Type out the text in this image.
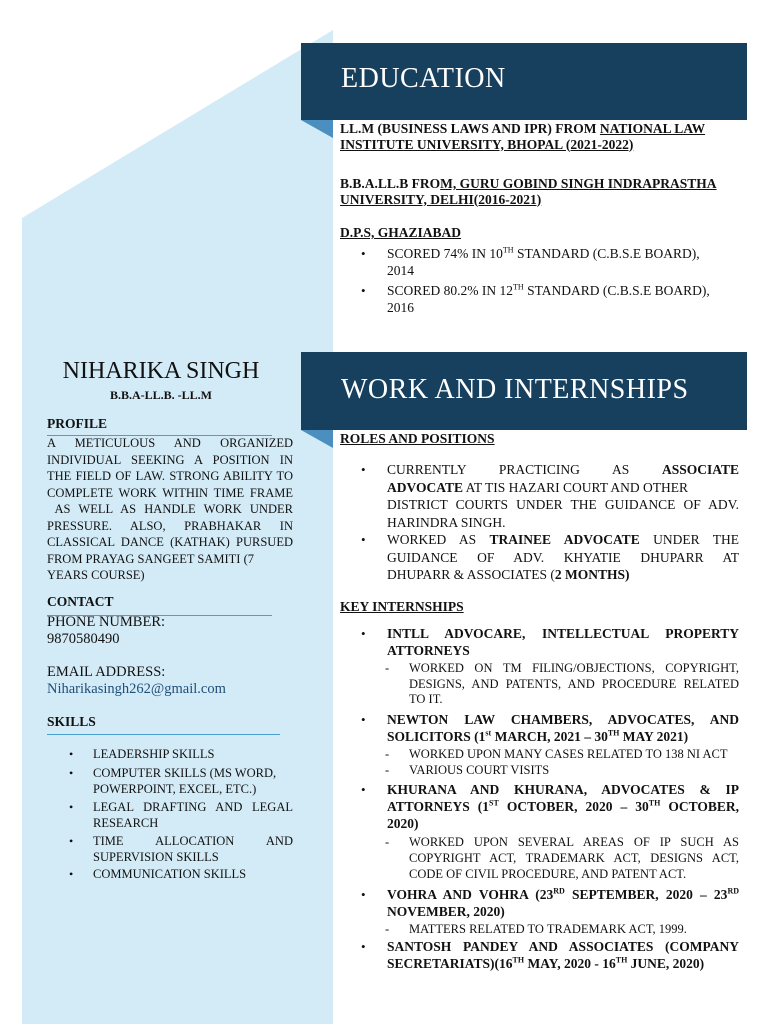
EDUCATION
LL.M (BUSINESS LAWS AND IPR) FROM NATIONAL LAW
INSTITUTE UNIVERSITY, BHOPAL (2021-2022)
B.B.A.LL.B FROM, GURU GOBIND SINGH INDRAPRASTHA
UNIVERSITY, DELHI(2016-2021)
D.P.S, GHAZIABAD
• SCORED 74% IN 10TH STANDARD (C.B.S.E BOARD),
2014
• SCORED 80.2% IN 12TH STANDARD (C.B.S.E BOARD),
2016
WORK AND INTERNSHIPS
NIHARIKA SINGH
B.B.A-LL.B. -LL.M
PROFILE
A METICULOUS AND ORGANIZED
INDIVIDUAL SEEKING A POSITION IN
THE FIELD OF LAW. STRONG ABILITY TO
COMPLETE WORK WITHIN TIME FRAME
AS WELL AS HANDLE WORK UNDER
PRESSURE. ALSO, PRABHAKAR IN
CLASSICAL DANCE (KATHAK) PURSUED
FROM PRAYAG SANGEET SAMITI (7
YEARS COURSE)
CONTACT
PHONE NUMBER:
9870580490
EMAIL ADDRESS:
Niharikasingh262@gmail.com
SKILLS
• LEADERSHIP SKILLS
• COMPUTER SKILLS (MS WORD,
POWERPOINT, EXCEL, ETC.)
• LEGAL DRAFTING AND LEGAL
RESEARCH
• TIME ALLOCATION AND
SUPERVISION SKILLS
• COMMUNICATION SKILLS
ROLES AND POSITIONS
• CURRENTLY PRACTICING AS ASSOCIATE
ADVOCATE AT TIS HAZARI COURT AND OTHER
DISTRICT COURTS UNDER THE GUIDANCE OF ADV.
HARINDRA SINGH.
• WORKED AS TRAINEE ADVOCATE UNDER THE
GUIDANCE OF ADV. KHYATIE DHUPARR AT
DHUPARR & ASSOCIATES (2 MONTHS)
KEY INTERNSHIPS
• INTLL ADVOCARE, INTELLECTUAL PROPERTY
ATTORNEYS
- WORKED ON TM FILING/OBJECTIONS, COPYRIGHT,
DESIGNS, AND PATENTS, AND PROCEDURE RELATED
TO IT.
• NEWTON LAW CHAMBERS, ADVOCATES, AND
SOLICITORS (1st MARCH, 2021 – 30TH MAY 2021)
- WORKED UPON MANY CASES RELATED TO 138 NI ACT
- VARIOUS COURT VISITS
• KHURANA AND KHURANA, ADVOCATES & IP
ATTORNEYS (1ST OCTOBER, 2020 – 30TH OCTOBER,
2020)
- WORKED UPON SEVERAL AREAS OF IP SUCH AS
COPYRIGHT ACT, TRADEMARK ACT, DESIGNS ACT,
CODE OF CIVIL PROCEDURE, AND PATENT ACT.
• VOHRA AND VOHRA (23RD SEPTEMBER, 2020 – 23RD
NOVEMBER, 2020)
- MATTERS RELATED TO TRADEMARK ACT, 1999.
• SANTOSH PANDEY AND ASSOCIATES (COMPANY
SECRETARIATS)(16TH MAY, 2020 - 16TH JUNE, 2020)
